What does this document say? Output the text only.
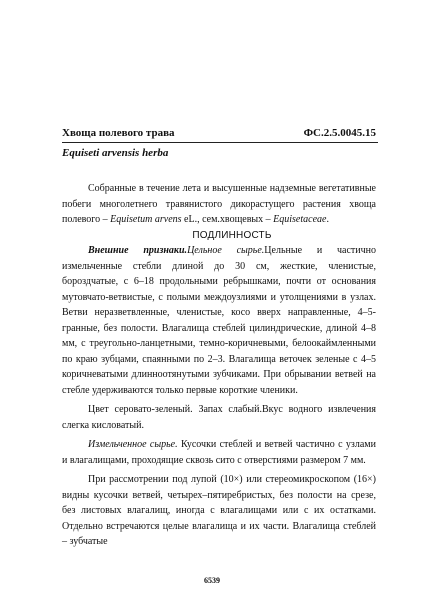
Хвоща полевого трава	ФС.2.5.0045.15
Equiseti arvensis herba

Собранные в течение лета и высушенные надземные вегетативные побеги многолетнего травянистого дикорастущего растения хвоща полевого – Equisetum arvens eL., сем.хвощевых – Equisetaceae.

ПОДЛИННОСТЬ

Внешние признаки.Цельное сырье.Цельные и частично измельченные стебли длиной до 30 см, жесткие, членистые, бороздчатые, с 6–18 продольными ребрышками, почти от основания мутовчато-ветвистые, с полыми междоузлиями и утолщениями в узлах. Ветви неразветвленные, членистые, косо вверх направленные, 4–5-гранные, без полости. Влагалища стеблей цилиндрические, длиной 4–8 мм, с треугольно-ланцетными, темно-коричневыми, белоокаймленными по краю зубцами, спаянными по 2–3. Влагалища веточек зеленые с 4–5 коричневатыми длинноотянутыми зубчиками. При обрывании ветвей на стебле удерживаются только первые короткие членики.

Цвет серовато-зеленый. Запах слабый.Вкус водного извлечения слегка кисловатый.

Измельченное сырье. Кусочки стеблей и ветвей частично с узлами и влагалищами, проходящие сквозь сито с отверстиями размером 7 мм.

При рассмотрении под лупой (10×) или стереомикроскопом (16×) видны кусочки ветвей, четырех–пятиребристых, без полости на срезе, без листовых влагалищ, иногда с влагалищами или с их остатками. Отдельно встречаются целые влагалища и их части. Влагалища стеблей – зубчатые

6539
